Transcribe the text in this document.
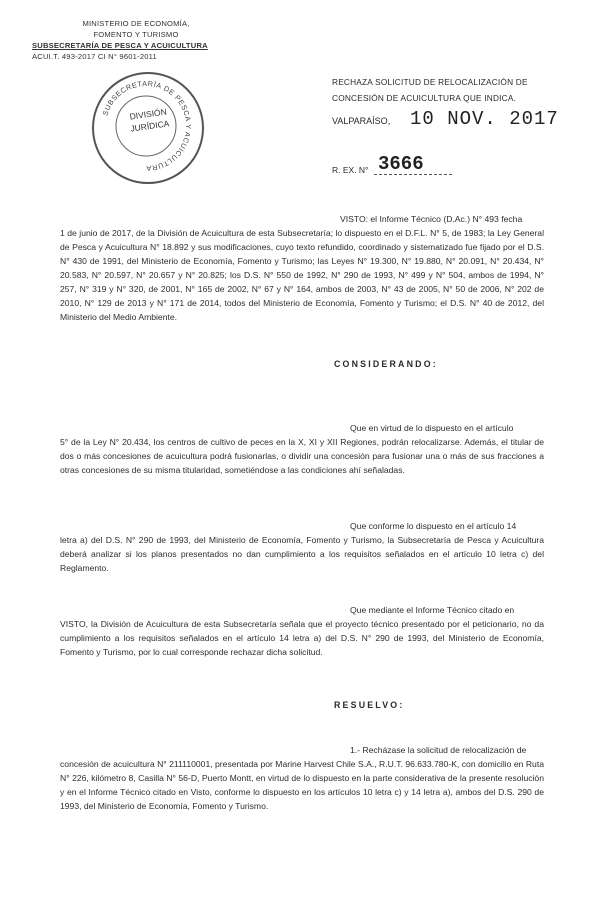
MINISTERIO DE ECONOMÍA,
FOMENTO Y TURISMO
SUBSECRETARÍA DE PESCA Y ACUICULTURA
ACUI.T. 493-2017 CI N° 9601-2011
SUBSECRETARÍA DE PESCA Y ACUICULTURA
DIVISIÓN
JURÍDICA
RECHAZA SOLICITUD DE RELOCALIZACIÓN DE
CONCESIÓN DE ACUICULTURA QUE INDICA.
VALPARAÍSO, 10 NOV. 2017
R. EX. N° 3666
VISTO: el Informe Técnico (D.Ac.) N° 493 fecha
1 de junio de 2017, de la División de Acuicultura de esta Subsecretaría; lo dispuesto en el D.F.L. N° 5, de 1983; la Ley General de Pesca y Acuicultura N° 18.892 y sus modificaciones, cuyo texto refundido, coordinado y sistematizado fue fijado por el D.S. N° 430 de 1991, del Ministerio de Economía, Fomento y Turismo; las Leyes N° 19.300, N° 19.880, N° 20.091, N° 20.434, N° 20.583, N° 20.597, N° 20.657 y N° 20.825; los D.S. N° 550 de 1992, N° 290 de 1993, N° 499 y N° 504, ambos de 1994, N° 257, N° 319 y N° 320, de 2001, N° 165 de 2002, N° 67 y N° 164, ambos de 2003, N° 43 de 2005, N° 50 de 2006, N° 202 de 2010, N° 129 de 2013 y N° 171 de 2014, todos del Ministerio de Economía, Fomento y Turismo; el D.S. N° 40 de 2012, del Ministerio del Medio Ambiente.
CONSIDERANDO:
Que en virtud de lo dispuesto en el artículo
5° de la Ley N° 20.434, los centros de cultivo de peces en la X, XI y XII Regiones, podrán relocalizarse. Además, el titular de dos o más concesiones de acuicultura podrá fusionarlas, o dividir una concesión para fusionar una o más de sus fracciones a otras concesiones de su misma titularidad, sometiéndose a las condiciones ahí señaladas.
Que conforme lo dispuesto en el artículo 14
letra a) del D.S. N° 290 de 1993, del Ministerio de Economía, Fomento y Turismo, la Subsecretaría de Pesca y Acuicultura deberá analizar si los planos presentados no dan cumplimiento a los requisitos señalados en el artículo 10 letra c) del Reglamento.
Que mediante el Informe Técnico citado en
VISTO, la División de Acuicultura de esta Subsecretaría señala que el proyecto técnico presentado por el peticionario, no da cumplimiento a los requisitos señalados en el artículo 14 letra a) del D.S. N° 290 de 1993, del Ministerio de Economía, Fomento y Turismo, por lo cual corresponde rechazar dicha solicitud.
RESUELVO:
1.- Recházase la solicitud de relocalización de
concesión de acuicultura N° 211110001, presentada por Marine Harvest Chile S.A., R.U.T. 96.633.780-K, con domicilio en Ruta N° 226, kilómetro 8, Casilla N° 56-D, Puerto Montt, en virtud de lo dispuesto en la parte considerativa de la presente resolución y en el Informe Técnico citado en Visto, conforme lo dispuesto en los artículos 10 letra c) y 14 letra a), ambos del D.S. 290 de 1993, del Ministerio de Economía, Fomento y Turismo.
